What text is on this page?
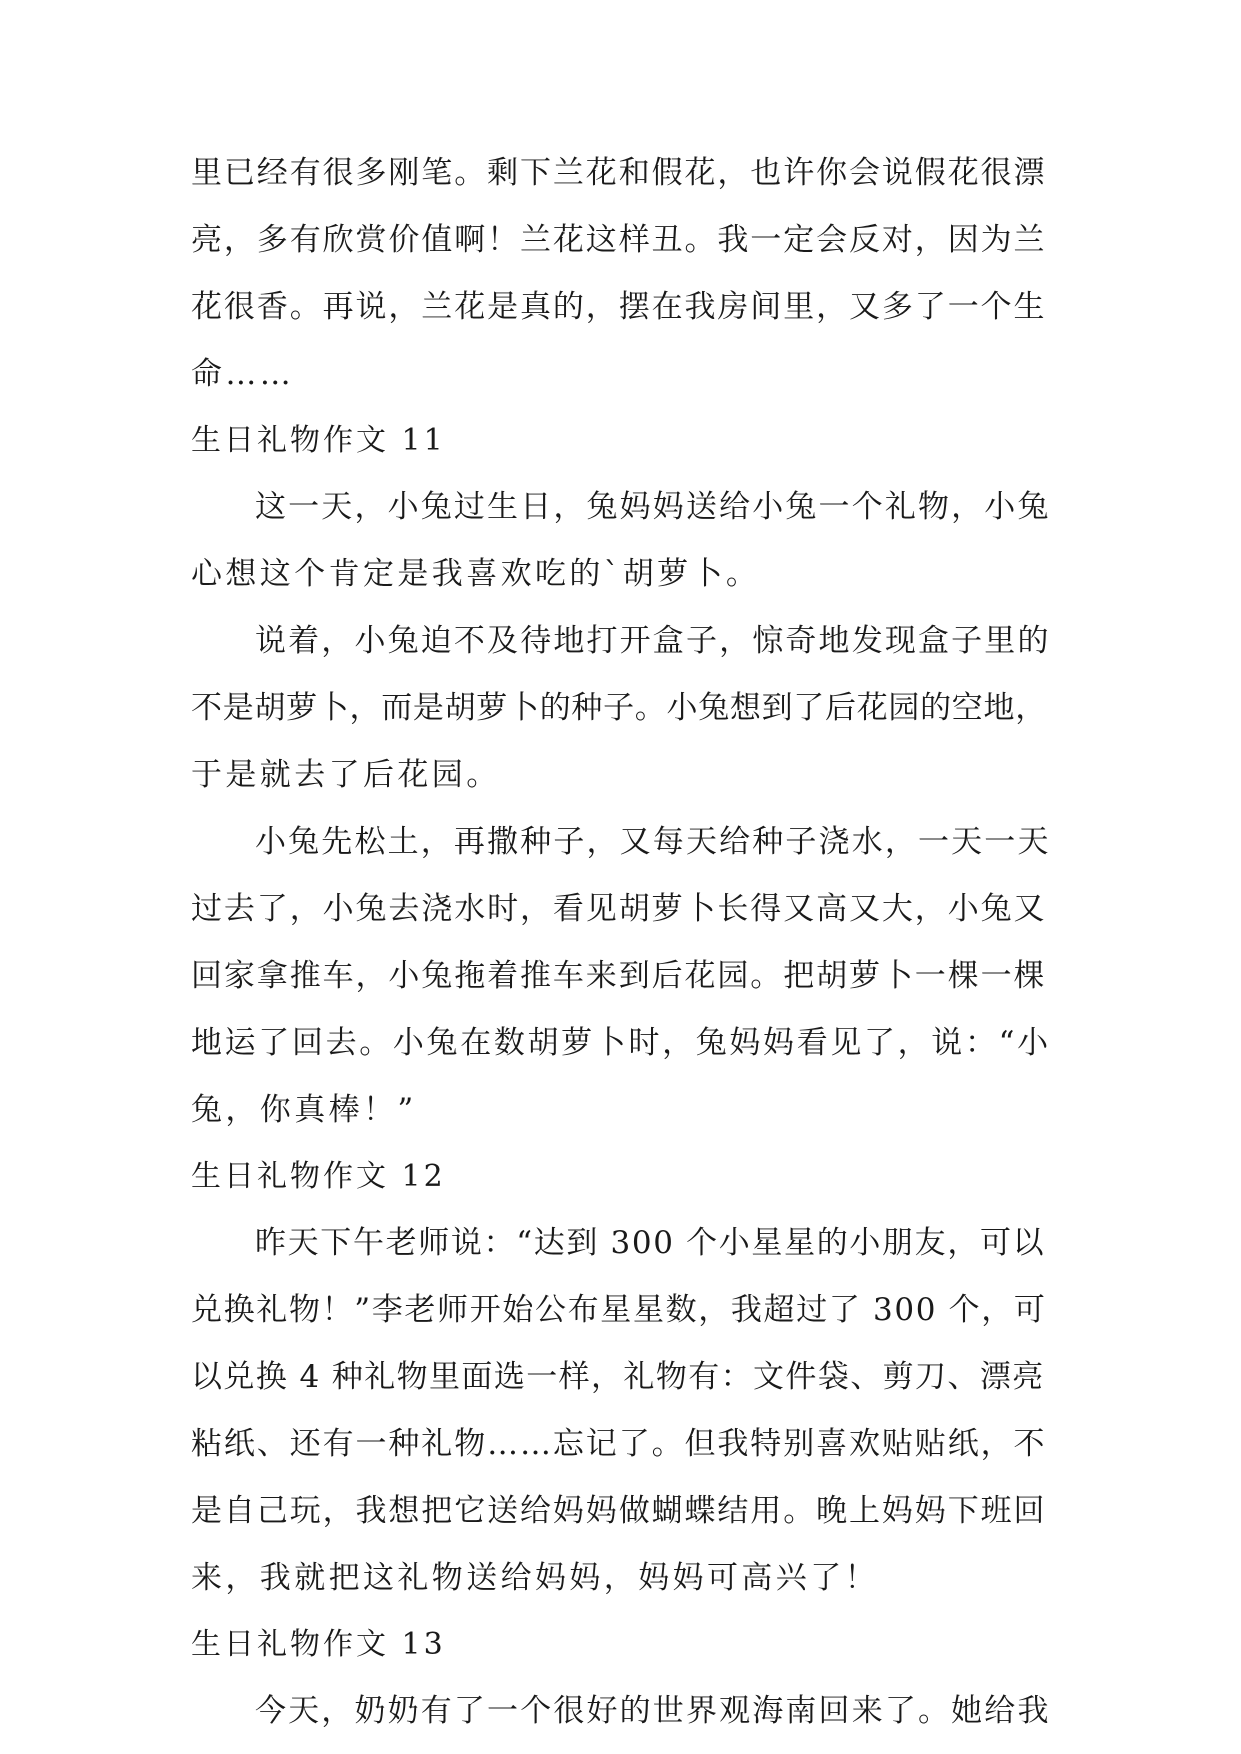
里已经有很多刚笔。剩下兰花和假花，也许你会说假花很漂
亮，多有欣赏价值啊！兰花这样丑。我一定会反对，因为兰
花很香。再说，兰花是真的，摆在我房间里，又多了一个生
命……
生日礼物作文 11
这一天，小兔过生日，兔妈妈送给小兔一个礼物，小兔
心想这个肯定是我喜欢吃的`胡萝卜。
说着，小兔迫不及待地打开盒子，惊奇地发现盒子里的
不是胡萝卜，而是胡萝卜的种子。小兔想到了后花园的空地，
于是就去了后花园。
小兔先松土，再撒种子，又每天给种子浇水，一天一天
过去了，小兔去浇水时，看见胡萝卜长得又高又大，小兔又
回家拿推车，小兔拖着推车来到后花园。把胡萝卜一棵一棵
地运了回去。小兔在数胡萝卜时，兔妈妈看见了，说：“小
兔，你真棒！”
生日礼物作文 12
昨天下午老师说：“达到 300 个小星星的小朋友，可以
兑换礼物！”李老师开始公布星星数，我超过了 300 个，可
以兑换 4 种礼物里面选一样，礼物有：文件袋、剪刀、漂亮
粘纸、还有一种礼物……忘记了。但我特别喜欢贴贴纸，不
是自己玩，我想把它送给妈妈做蝴蝶结用。晚上妈妈下班回
来，我就把这礼物送给妈妈，妈妈可高兴了！
生日礼物作文 13
今天，奶奶有了一个很好的世界观海南回来了。她给我
